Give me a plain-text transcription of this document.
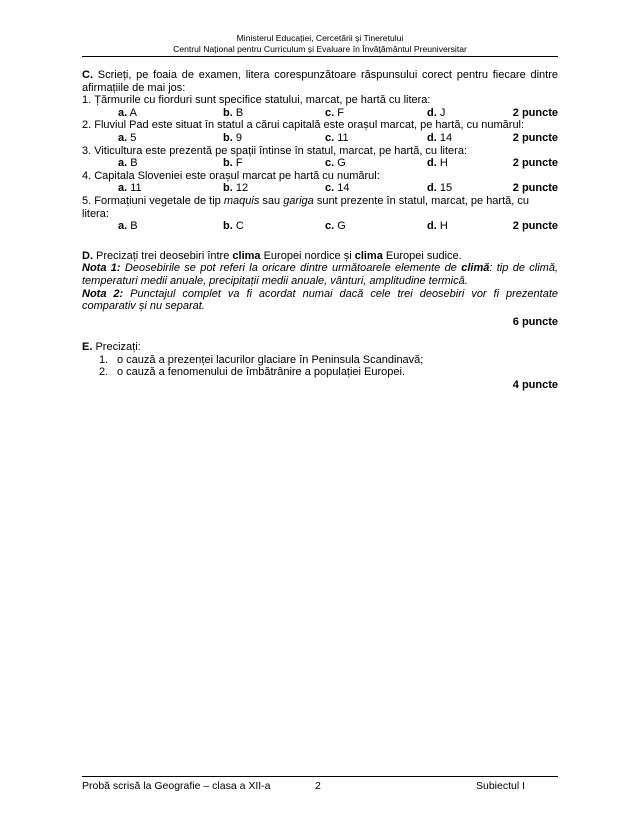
Ministerul Educației, Cercetării și Tineretului
Centrul Național pentru Curriculum și Evaluare în Învățământul Preuniversitar
C. Scrieți, pe foaia de examen, litera corespunzătoare răspunsului corect pentru fiecare dintre afirmațiile de mai jos:
1. Țărmurile cu fiorduri sunt specifice statului, marcat, pe hartă cu litera:
a. A	b. B	c. F	d. J	2 puncte
2. Fluviul Pad este situat în statul a cărui capitală este orașul marcat, pe hartă, cu numărul:
a. 5	b. 9	c. 11	d. 14	2 puncte
3. Viticultura este prezentă pe spații întinse în statul, marcat, pe hartă, cu litera:
a. B	b. F	c. G	d. H	2 puncte
4. Capitala Sloveniei este orașul marcat pe hartă cu numărul:
a. 11	b. 12	c. 14	d. 15	2 puncte
5. Formațiuni vegetale de tip maquis sau gariga sunt prezente în statul, marcat, pe hartă, cu litera:
a. B	b. C	c. G	d. H	2 puncte
D. Precizați trei deosebiri între clima Europei nordice și clima Europei sudice.
Nota 1: Deosebirile se pot referi la oricare dintre următoarele elemente de climă: tip de climă, temperaturi medii anuale, precipitații medii anuale, vânturi, amplitudine termică.
Nota 2: Punctajul complet va fi acordat numai dacă cele trei deosebiri vor fi prezentate comparativ și nu separat.
6 puncte
E. Precizați:
1. o cauză a prezenței lacurilor glaciare în Peninsula Scandinavă;
2. o cauză a fenomenului de îmbătrânire a populației Europei.
4 puncte
Probă scrisă la Geografie – clasa a XII-a	2	Subiectul I
